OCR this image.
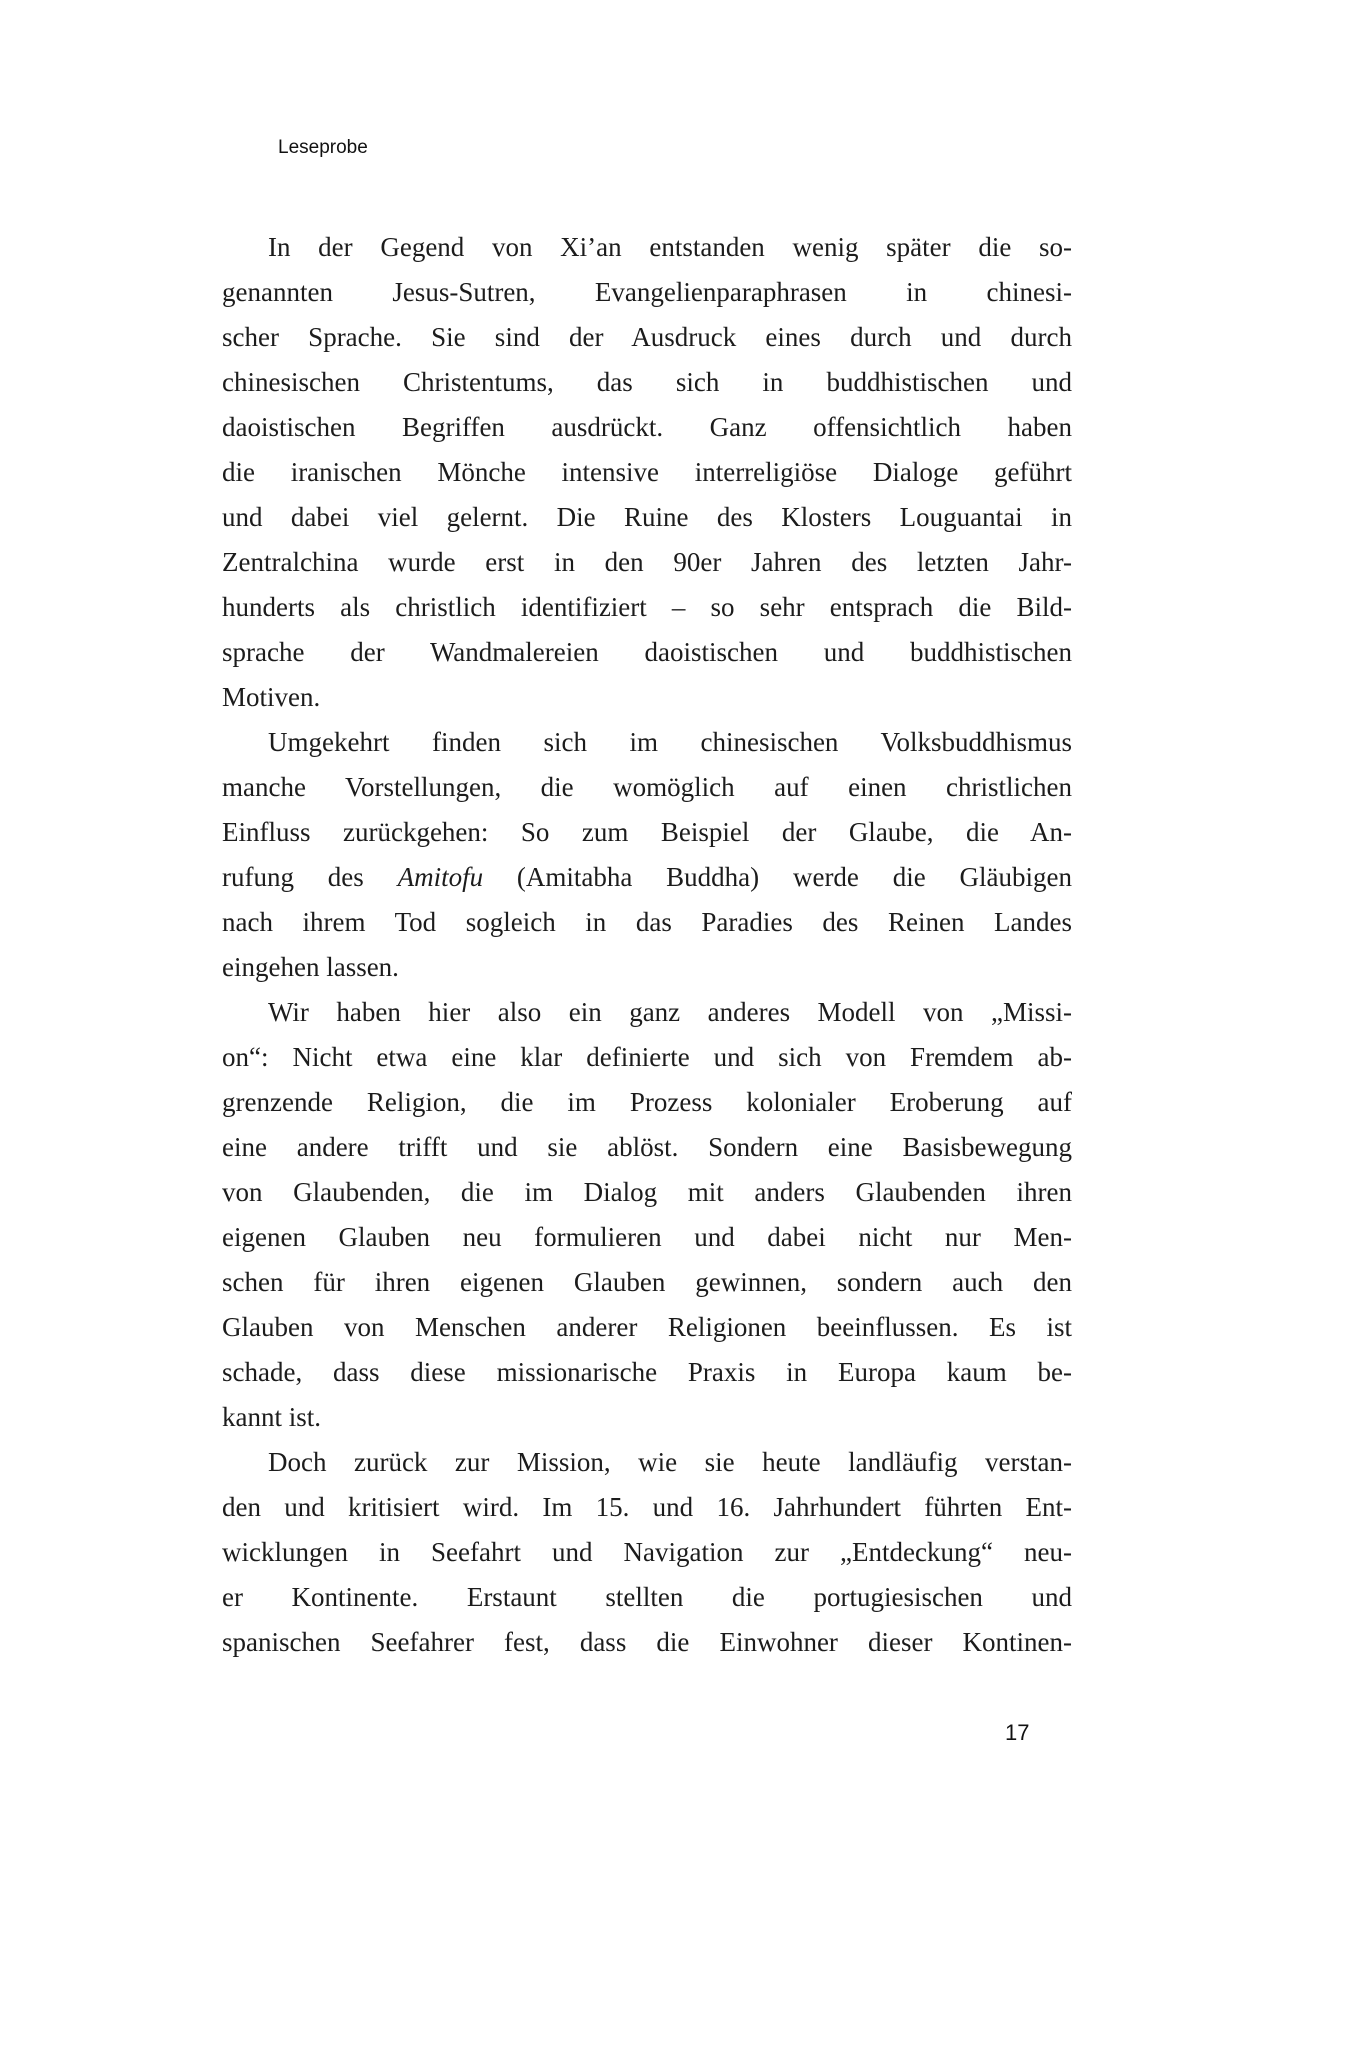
Leseprobe
In der Gegend von Xi’an entstanden wenig später die so-
genannten Jesus-Sutren, Evangelienparaphrasen in chinesi-
scher Sprache. Sie sind der Ausdruck eines durch und durch
chinesischen Christentums, das sich in buddhistischen und
daoistischen Begriffen ausdrückt. Ganz offensichtlich haben
die iranischen Mönche intensive interreligiöse Dialoge geführt
und dabei viel gelernt. Die Ruine des Klosters Louguantai in
Zentralchina wurde erst in den 90er Jahren des letzten Jahr-
hunderts als christlich identifiziert – so sehr entsprach die Bild-
sprache der Wandmalereien daoistischen und buddhistischen
Motiven.
Umgekehrt finden sich im chinesischen Volksbuddhismus
manche Vorstellungen, die womöglich auf einen christlichen
Einfluss zurückgehen: So zum Beispiel der Glaube, die An-
rufung des Amitofu (Amitabha Buddha) werde die Gläubigen
nach ihrem Tod sogleich in das Paradies des Reinen Landes
eingehen lassen.
Wir haben hier also ein ganz anderes Modell von „Missi-
on“: Nicht etwa eine klar definierte und sich von Fremdem ab-
grenzende Religion, die im Prozess kolonialer Eroberung auf
eine andere trifft und sie ablöst. Sondern eine Basisbewegung
von Glaubenden, die im Dialog mit anders Glaubenden ihren
eigenen Glauben neu formulieren und dabei nicht nur Men-
schen für ihren eigenen Glauben gewinnen, sondern auch den
Glauben von Menschen anderer Religionen beeinflussen. Es ist
schade, dass diese missionarische Praxis in Europa kaum be-
kannt ist.
Doch zurück zur Mission, wie sie heute landläufig verstan-
den und kritisiert wird. Im 15. und 16. Jahrhundert führten Ent-
wicklungen in Seefahrt und Navigation zur „Entdeckung“ neu-
er Kontinente. Erstaunt stellten die portugiesischen und
spanischen Seefahrer fest, dass die Einwohner dieser Kontinen-
17
